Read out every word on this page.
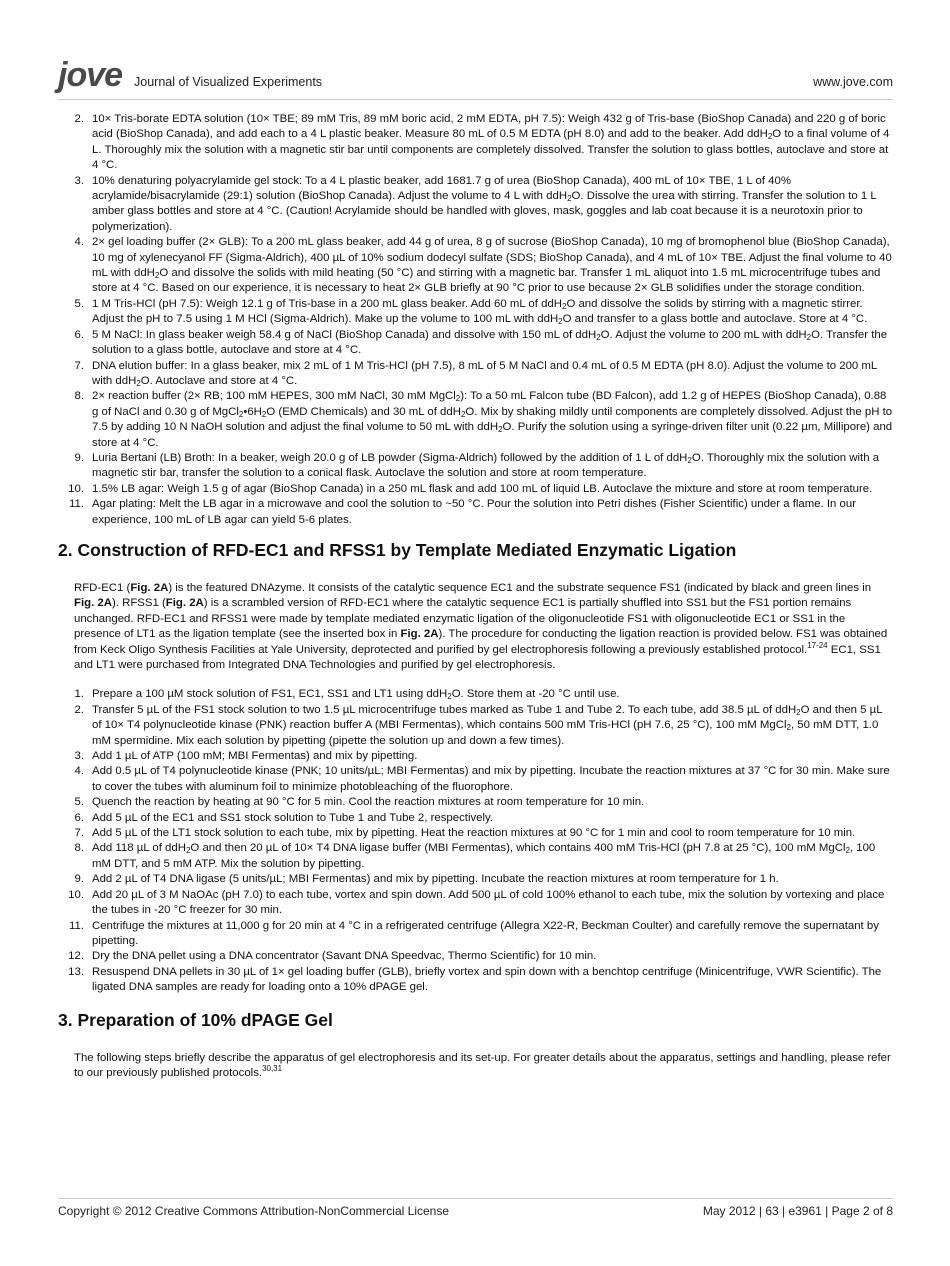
jove Journal of Visualized Experiments	www.jove.com
2. 10× Tris-borate EDTA solution (10× TBE; 89 mM Tris, 89 mM boric acid, 2 mM EDTA, pH 7.5): Weigh 432 g of Tris-base (BioShop Canada) and 220 g of boric acid (BioShop Canada), and add each to a 4 L plastic beaker. Measure 80 mL of 0.5 M EDTA (pH 8.0) and add to the beaker. Add ddH$_2$O to a final volume of 4 L. Thoroughly mix the solution with a magnetic stir bar until components are completely dissolved. Transfer the solution to glass bottles, autoclave and store at 4 °C.
3. 10% denaturing polyacrylamide gel stock: To a 4 L plastic beaker, add 1681.7 g of urea (BioShop Canada), 400 mL of 10× TBE, 1 L of 40% acrylamide/bisacrylamide (29:1) solution (BioShop Canada). Adjust the volume to 4 L with ddH$_2$O. Dissolve the urea with stirring. Transfer the solution to 1 L amber glass bottles and store at 4 °C. (Caution! Acrylamide should be handled with gloves, mask, goggles and lab coat because it is a neurotoxin prior to polymerization).
4. 2× gel loading buffer (2× GLB): To a 200 mL glass beaker, add 44 g of urea, 8 g of sucrose (BioShop Canada), 10 mg of bromophenol blue (BioShop Canada), 10 mg of xylenecyanol FF (Sigma-Aldrich), 400 µL of 10% sodium dodecyl sulfate (SDS; BioShop Canada), and 4 mL of 10× TBE. Adjust the final volume to 40 mL with ddH$_2$O and dissolve the solids with mild heating (50 °C) and stirring with a magnetic bar. Transfer 1 mL aliquot into 1.5 mL microcentrifuge tubes and store at 4 °C. Based on our experience, it is necessary to heat 2× GLB briefly at 90 °C prior to use because 2× GLB solidifies under the storage condition.
5. 1 M Tris-HCl (pH 7.5): Weigh 12.1 g of Tris-base in a 200 mL glass beaker. Add 60 mL of ddH$_2$O and dissolve the solids by stirring with a magnetic stirrer. Adjust the pH to 7.5 using 1 M HCl (Sigma-Aldrich). Make up the volume to 100 mL with ddH$_2$O and transfer to a glass bottle and autoclave. Store at 4 °C.
6. 5 M NaCl: In glass beaker weigh 58.4 g of NaCl (BioShop Canada) and dissolve with 150 mL of ddH$_2$O. Adjust the volume to 200 mL with ddH$_2$O. Transfer the solution to a glass bottle, autoclave and store at 4 °C.
7. DNA elution buffer: In a glass beaker, mix 2 mL of 1 M Tris-HCl (pH 7.5), 8 mL of 5 M NaCl and 0.4 mL of 0.5 M EDTA (pH 8.0). Adjust the volume to 200 mL with ddH$_2$O. Autoclave and store at 4 °C.
8. 2× reaction buffer (2× RB; 100 mM HEPES, 300 mM NaCl, 30 mM MgCl$_2$): To a 50 mL Falcon tube (BD Falcon), add 1.2 g of HEPES (BioShop Canada), 0.88 g of NaCl and 0.30 g of $MgCl_2•6H_2O$ (EMD Chemicals) and 30 mL of ddH$_2$O. Mix by shaking mildly until components are completely dissolved. Adjust the pH to 7.5 by adding 10 N NaOH solution and adjust the final volume to 50 mL with ddH$_2$O. Purify the solution using a syringe-driven filter unit (0.22 µm, Millipore) and store at 4 °C.
9. Luria Bertani (LB) Broth: In a beaker, weigh 20.0 g of LB powder (Sigma-Aldrich) followed by the addition of 1 L of ddH$_2$O. Thoroughly mix the solution with a magnetic stir bar, transfer the solution to a conical flask. Autoclave the solution and store at room temperature.
10. 1.5% LB agar: Weigh 1.5 g of agar (BioShop Canada) in a 250 mL flask and add 100 mL of liquid LB. Autoclave the mixture and store at room temperature.
11. Agar plating: Melt the LB agar in a microwave and cool the solution to ~50 °C. Pour the solution into Petri dishes (Fisher Scientific) under a flame. In our experience, 100 mL of LB agar can yield 5-6 plates.
2. Construction of RFD-EC1 and RFSS1 by Template Mediated Enzymatic Ligation

RFD-EC1 (Fig. 2A) is the featured DNAzyme. It consists of the catalytic sequence EC1 and the substrate sequence FS1 (indicated by black and green lines in Fig. 2A). RFSS1 (Fig. 2A) is a scrambled version of RFD-EC1 where the catalytic sequence EC1 is partially shuffled into SS1 but the FS1 portion remains unchanged. RFD-EC1 and RFSS1 were made by template mediated enzymatic ligation of the oligonucleotide FS1 with oligonucleotide EC1 or SS1 in the presence of LT1 as the ligation template (see the inserted box in Fig. 2A). The procedure for conducting the ligation reaction is provided below. FS1 was obtained from Keck Oligo Synthesis Facilities at Yale University, deprotected and purified by gel electrophoresis following a previously established protocol.$^{17-24}$ EC1, SS1 and LT1 were purchased from Integrated DNA Technologies and purified by gel electrophoresis.

1. Prepare a 100 µM stock solution of FS1, EC1, SS1 and LT1 using ddH$_2$O. Store them at -20 °C until use.
2. Transfer 5 µL of the FS1 stock solution to two 1.5 µL microcentrifuge tubes marked as Tube 1 and Tube 2. To each tube, add 38.5 µL of ddH$_2$O and then 5 µL of 10× T4 polynucleotide kinase (PNK) reaction buffer A (MBI Fermentas), which contains 500 mM Tris-HCl (pH 7.6, 25 °C), 100 mM MgCl$_2$, 50 mM DTT, 1.0 mM spermidine. Mix each solution by pipetting (pipette the solution up and down a few times).
3. Add 1 µL of ATP (100 mM; MBI Fermentas) and mix by pipetting.
4. Add 0.5 µL of T4 polynucleotide kinase (PNK; 10 units/µL; MBI Fermentas) and mix by pipetting. Incubate the reaction mixtures at 37 °C for 30 min. Make sure to cover the tubes with aluminum foil to minimize photobleaching of the fluorophore.
5. Quench the reaction by heating at 90 °C for 5 min. Cool the reaction mixtures at room temperature for 10 min.
6. Add 5 µL of the EC1 and SS1 stock solution to Tube 1 and Tube 2, respectively.
7. Add 5 µL of the LT1 stock solution to each tube, mix by pipetting. Heat the reaction mixtures at 90 °C for 1 min and cool to room temperature for 10 min.
8. Add 118 µL of ddH$_2$O and then 20 µL of 10× T4 DNA ligase buffer (MBI Fermentas), which contains 400 mM Tris-HCl (pH 7.8 at 25 °C), 100 mM MgCl$_2$, 100 mM DTT, and 5 mM ATP. Mix the solution by pipetting.
9. Add 2 µL of T4 DNA ligase (5 units/µL; MBI Fermentas) and mix by pipetting. Incubate the reaction mixtures at room temperature for 1 h.
10. Add 20 µL of 3 M NaOAc (pH 7.0) to each tube, vortex and spin down. Add 500 µL of cold 100% ethanol to each tube, mix the solution by vortexing and place the tubes in -20 °C freezer for 30 min.
11. Centrifuge the mixtures at 11,000 g for 20 min at 4 °C in a refrigerated centrifuge (Allegra X22-R, Beckman Coulter) and carefully remove the supernatant by pipetting.
12. Dry the DNA pellet using a DNA concentrator (Savant DNA Speedvac, Thermo Scientific) for 10 min.
13. Resuspend DNA pellets in 30 µL of 1× gel loading buffer (GLB), briefly vortex and spin down with a benchtop centrifuge (Minicentrifuge, VWR Scientific). The ligated DNA samples are ready for loading onto a 10% dPAGE gel.
3. Preparation of 10% dPAGE Gel

The following steps briefly describe the apparatus of gel electrophoresis and its set-up. For greater details about the apparatus, settings and handling, please refer to our previously published protocols.$^{30,31}$

Copyright © 2012 Creative Commons Attribution-NonCommercial License	May 2012 | 63 | e3961 | Page 2 of 8
